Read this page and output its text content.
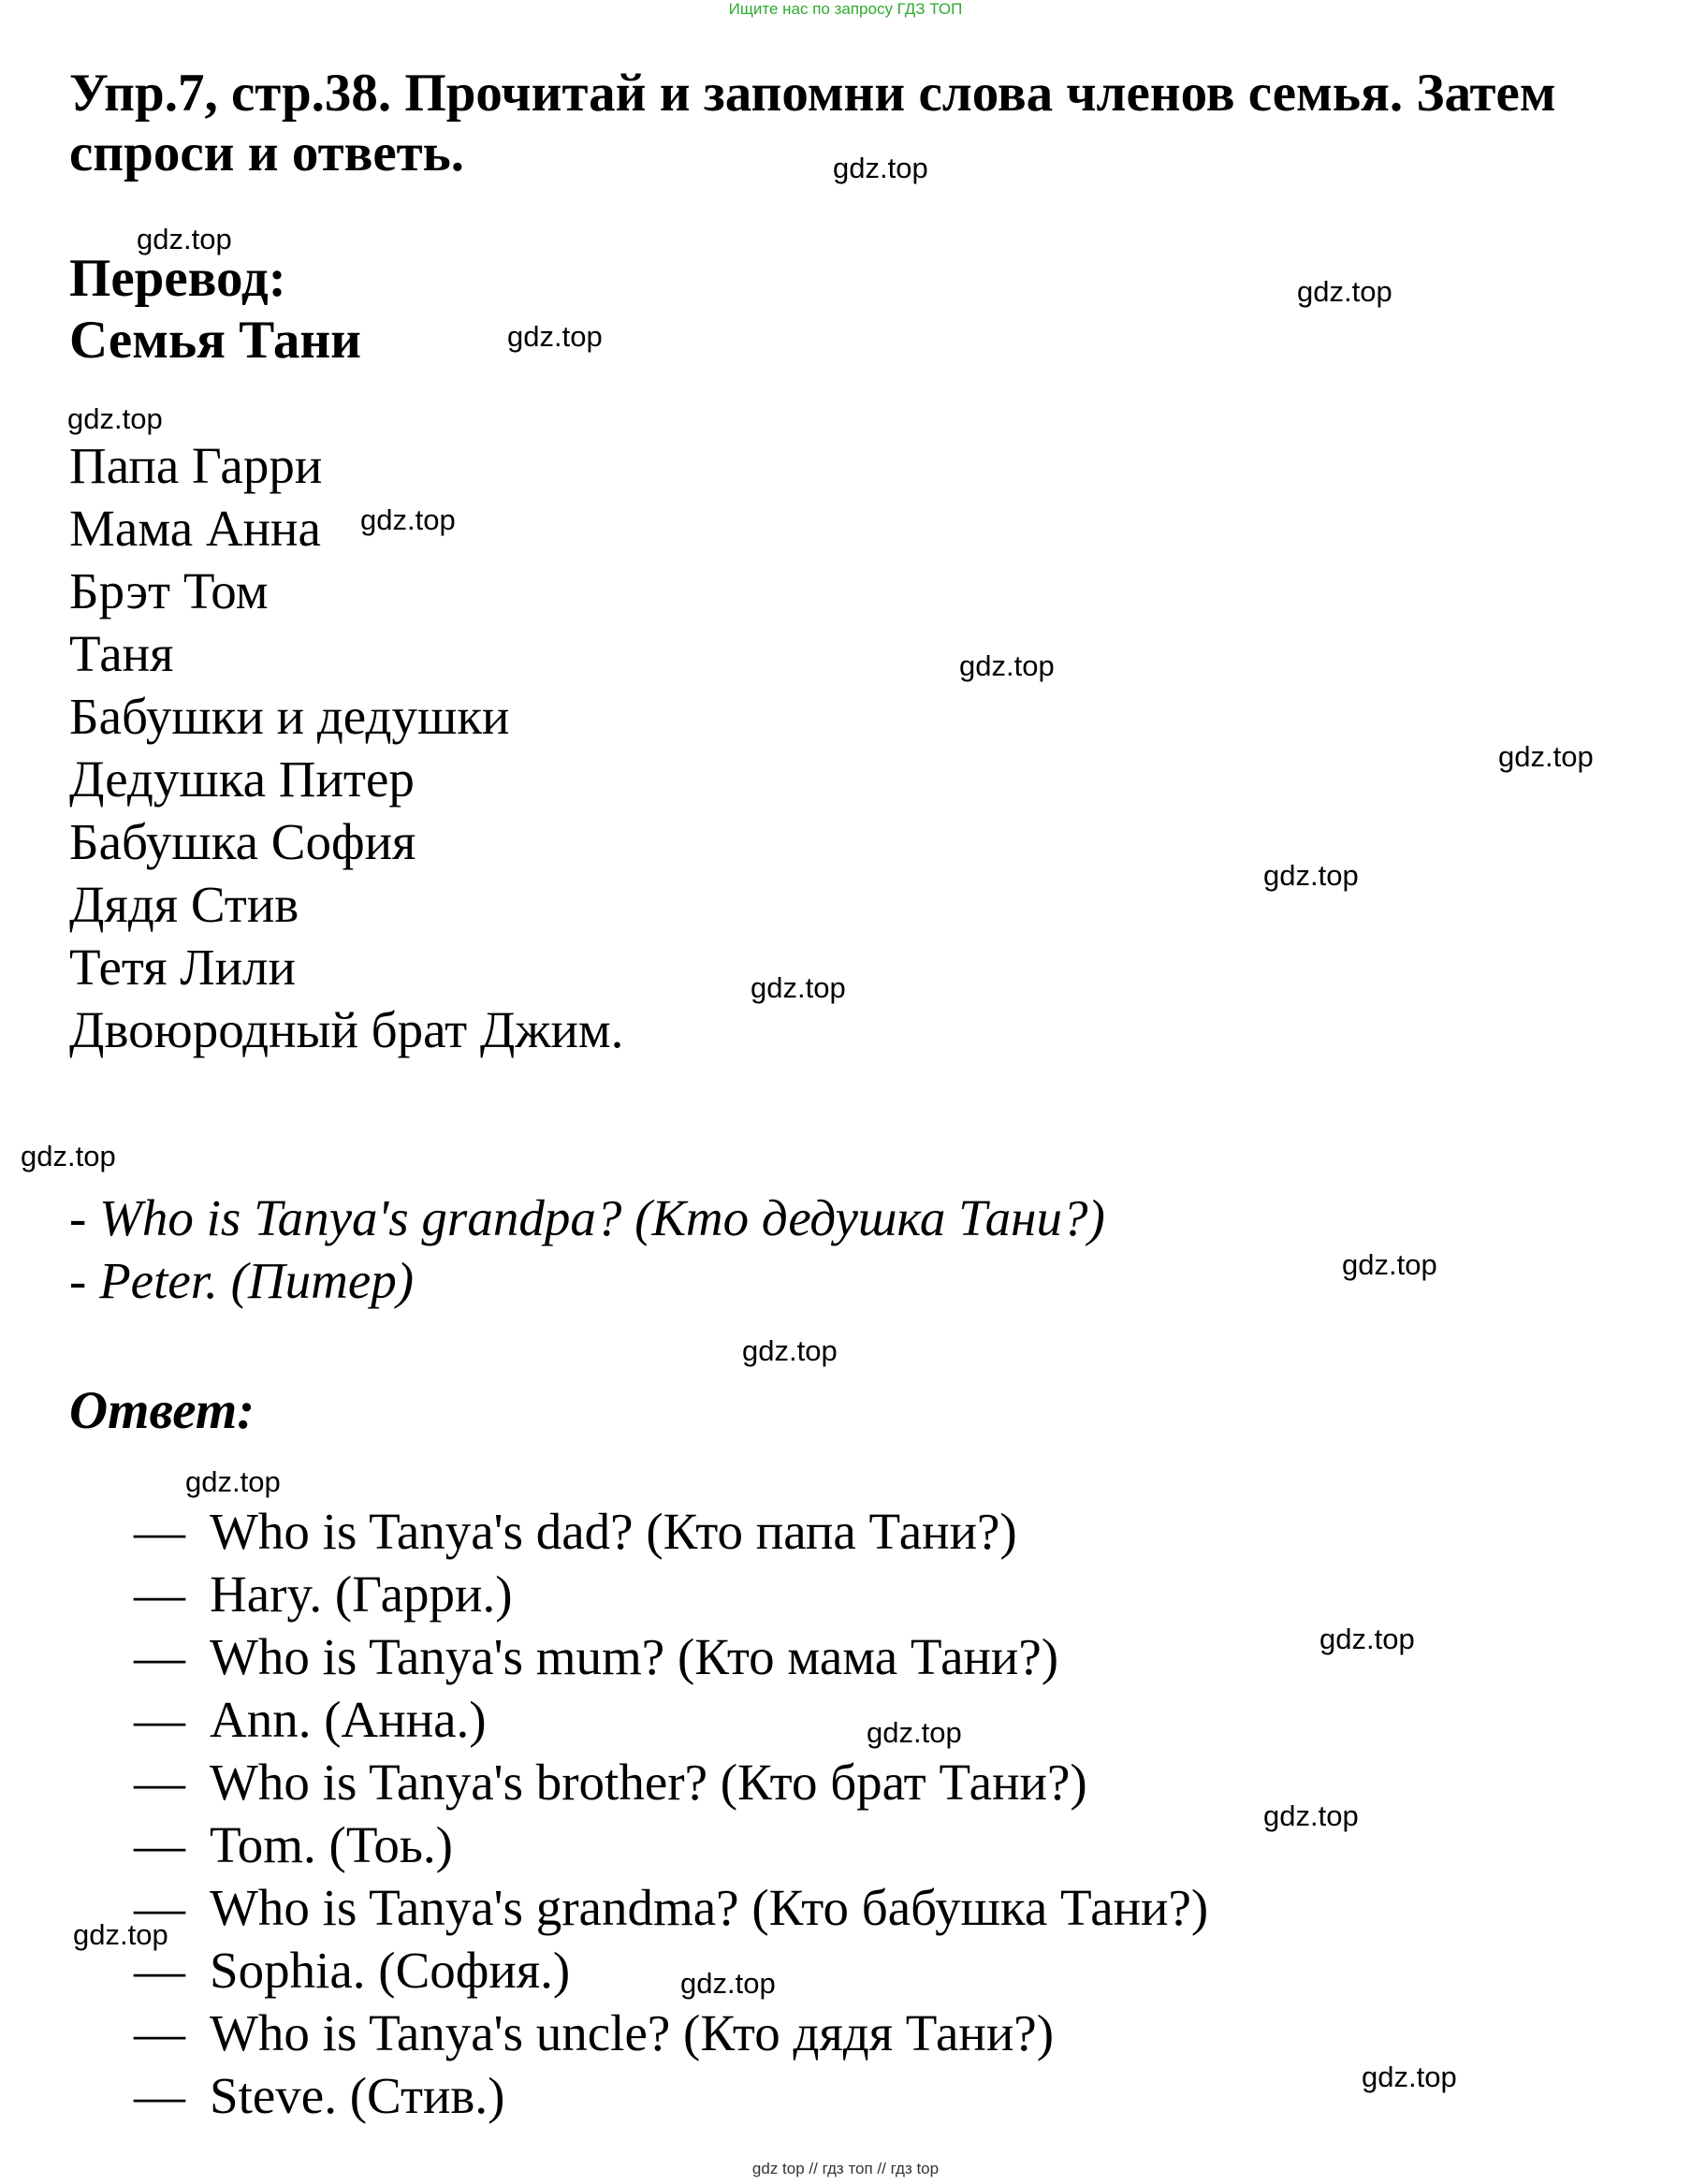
Ищите нас по запросу ГДЗ ТОП
Упр.7, стр.38. Прочитай и запомни слова членов семья. Затем спроси и ответь.
Перевод:
Семья Тани
Папа Гарри
Мама Анна
Брэт Том
Таня
Бабушки и дедушки
Дедушка Питер
Бабушка София
Дядя Стив
Тетя Лили
Двоюродный брат Джим.
- Who is Tanya's grandpa? (Кто дедушка Тани?)
- Peter. (Питер)
Ответ:
— Who is Tanya's dad? (Кто папа Тани?)
— Hary. (Гарри.)
— Who is Tanya's mum? (Кто мама Тани?)
— Ann. (Анна.)
— Who is Tanya's brother? (Кто брат Тани?)
— Tom. (Тоь.)
— Who is Tanya's grandma? (Кто бабушка Тани?)
— Sophia. (София.)
— Who is Tanya's uncle? (Кто дядя Тани?)
— Steve. (Стив.)
gdz.top
gdz.top
gdz.top
gdz.top
gdz.top
gdz.top
gdz.top
gdz.top
gdz.top
gdz.top
gdz.top
gdz.top
gdz.top
gdz.top
gdz.top
gdz.top
gdz.top
gdz.top
gdz.top
gdz.top
gdz top // гдз топ // гдз top
